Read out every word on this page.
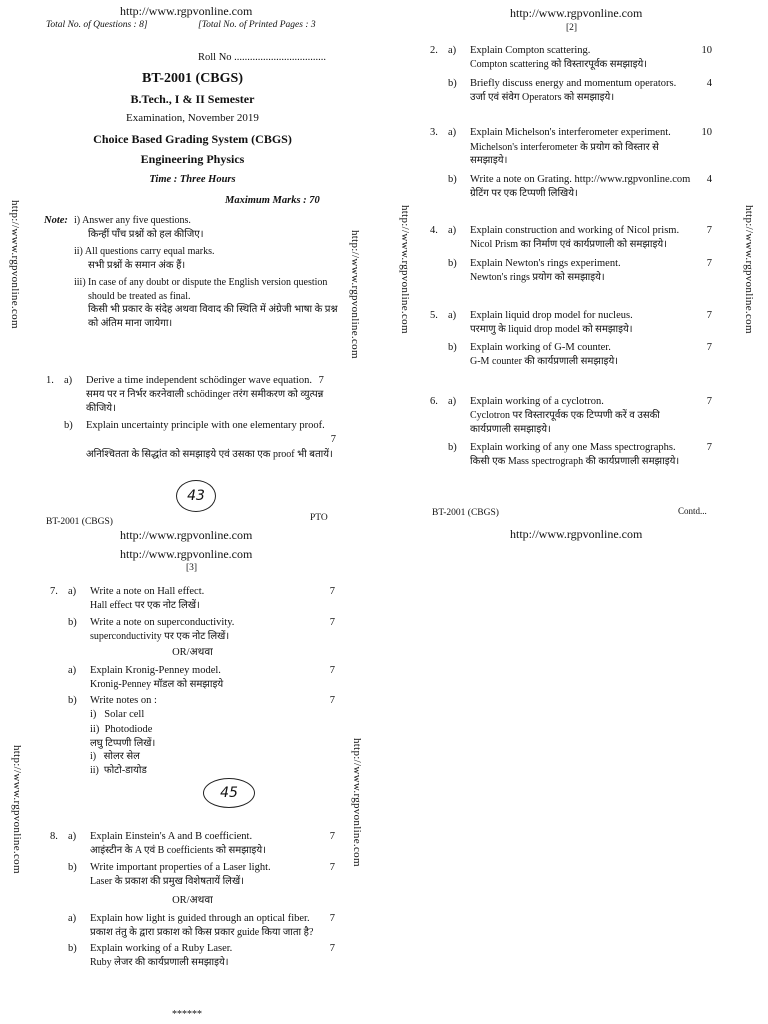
http://www.rgpvonline.com	http://www.rgpvonline.com	http://www.rgpvonline.com	http://www.rgpvonline.com
http://www.rgpvonline.com	http://www.rgpvonline.com
http://www.rgpvonline.com
Total No. of Questions : 8]	[Total No. of Printed Pages : 3
Roll No ...................................
BT-2001 (CBGS)
B.Tech., I & II Semester
Examination, November 2019
Choice Based Grading System (CBGS)
Engineering Physics
Time : Three Hours
Maximum Marks : 70
Note: i) Answer any five questions.
किन्हीं पाँच प्रश्नों को हल कीजिए।
ii) All questions carry equal marks.
सभी प्रश्नों के समान अंक हैं।
iii) In case of any doubt or dispute the English version question should be treated as final.
किसी भी प्रकार के संदेह अथवा विवाद की स्थिति में अंग्रेजी भाषा के प्रश्न को अंतिम माना जायेगा।
1. a)	Derive a time independent schödinger wave equation. 7
समय पर न निर्भर करनेवाली schödinger तरंग समीकरण को व्युत्पन्न कीजिये।
b)	Explain uncertainty principle with one elementary proof.
7
अनिश्चितता के सिद्धांत को समझाइये एवं उसका एक proof भी बतायें।
43
BT-2001 (CBGS)	PTO
http://www.rgpvonline.com
[2]
2. a)	Explain Compton scattering.
Compton scattering को विस्तारपूर्वक समझाइये।
10
b)	Briefly discuss energy and momentum operators.
उर्जा एवं संवेग Operators को समझाइये।
4
3. a)	Explain Michelson's interferometer experiment.
Michelson's interferometer के प्रयोग को विस्तार से समझाइये।
10
b)	Write a note on Grating. http://www.rgpvonline.com
ग्रेटिंग पर एक टिप्पणी लिखिये।
4
4. a)	Explain construction and working of Nicol prism.
Nicol Prism का निर्माण एवं कार्यप्रणाली को समझाइये।
7
b)	Explain Newton's rings experiment.
Newton's rings प्रयोग को समझाइये।
7
5. a)	Explain liquid drop model for nucleus.
परमाणु के liquid drop model को समझाइये।
7
b)	Explain working of G-M counter.
G-M counter की कार्यप्रणाली समझाइये।
7
6. a)	Explain working of a cyclotron.
Cyclotron पर विस्तारपूर्वक एक टिप्पणी करें व उसकी कार्यप्रणाली समझाइये।
7
b)	Explain working of any one Mass spectrographs.
किसी एक Mass spectrograph की कार्यप्रणाली समझाइये।
7
BT-2001 (CBGS)	Contd...
http://www.rgpvonline.com
http://www.rgpvonline.com
http://www.rgpvonline.com
[3]
7. a)	Write a note on Hall effect.
Hall effect पर एक नोट लिखें।
7
b)	Write a note on superconductivity.
superconductivity पर एक नोट लिखें।
7
OR/अथवा
a)	Explain Kronig-Penney model.
Kronig-Penney मॉडल को समझाइये
7
b)	Write notes on :
i)   Solar cell
ii)  Photodiode
लघु टिप्पणी लिखें।
i)   सोलर सेल
ii)  फोटो-डायोड
7
45
8. a)	Explain Einstein's A and B coefficient.
आइंस्टीन के A एवं B coefficients को समझाइये।
7
b)	Write important properties of a Laser light.
Laser के प्रकाश की प्रमुख विशेषतायें लिखें।
7
OR/अथवा
a)	Explain how light is guided through an optical fiber.
प्रकाश तंतु के द्वारा प्रकाश को किस प्रकार guide किया जाता है?
7
b)	Explain working of a Ruby Laser.
Ruby लेजर की कार्यप्रणाली समझाइये।
7
******
